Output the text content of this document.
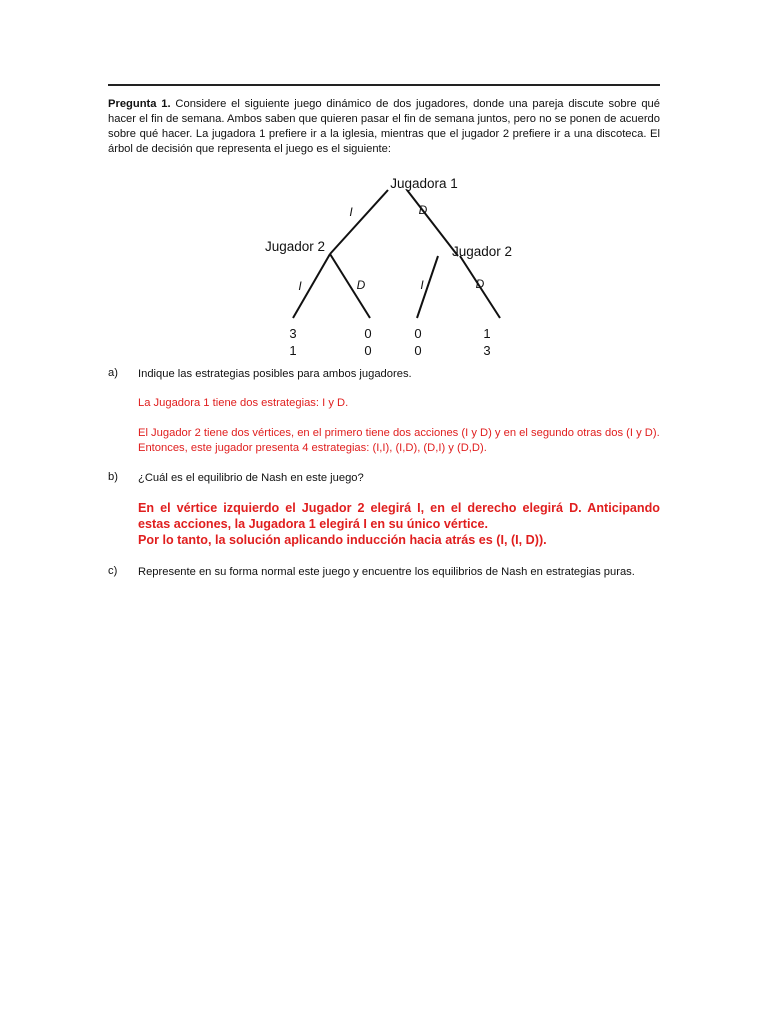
Pregunta 1. Considere el siguiente juego dinámico de dos jugadores, donde una pareja discute sobre qué hacer el fin de semana. Ambos saben que quieren pasar el fin de semana juntos, pero no se ponen de acuerdo sobre qué hacer. La jugadora 1 prefiere ir a la iglesia, mientras que el jugador 2 prefiere ir a una discoteca. El árbol de decisión que representa el juego es el siguiente:
Jugadora 1
Jugador 2	Jugador 2
I	D
I	D	I	D
3
1
0
0
0
0
1
3
a) Indique las estrategias posibles para ambos jugadores.
La Jugadora 1 tiene dos estrategias: I y D.
El Jugador 2 tiene dos vértices, en el primero tiene dos acciones (I y D) y en el segundo otras dos (I y D). Entonces, este jugador presenta 4 estrategias: (I,I), (I,D), (D,I) y (D,D).
b) ¿Cuál es el equilibrio de Nash en este juego?
En el vértice izquierdo el Jugador 2 elegirá I, en el derecho elegirá D. Anticipando estas acciones, la Jugadora 1 elegirá I en su único vértice.
Por lo tanto, la solución aplicando inducción hacia atrás es (I, (I, D)).
c) Represente en su forma normal este juego y encuentre los equilibrios de Nash en estrategias puras.
